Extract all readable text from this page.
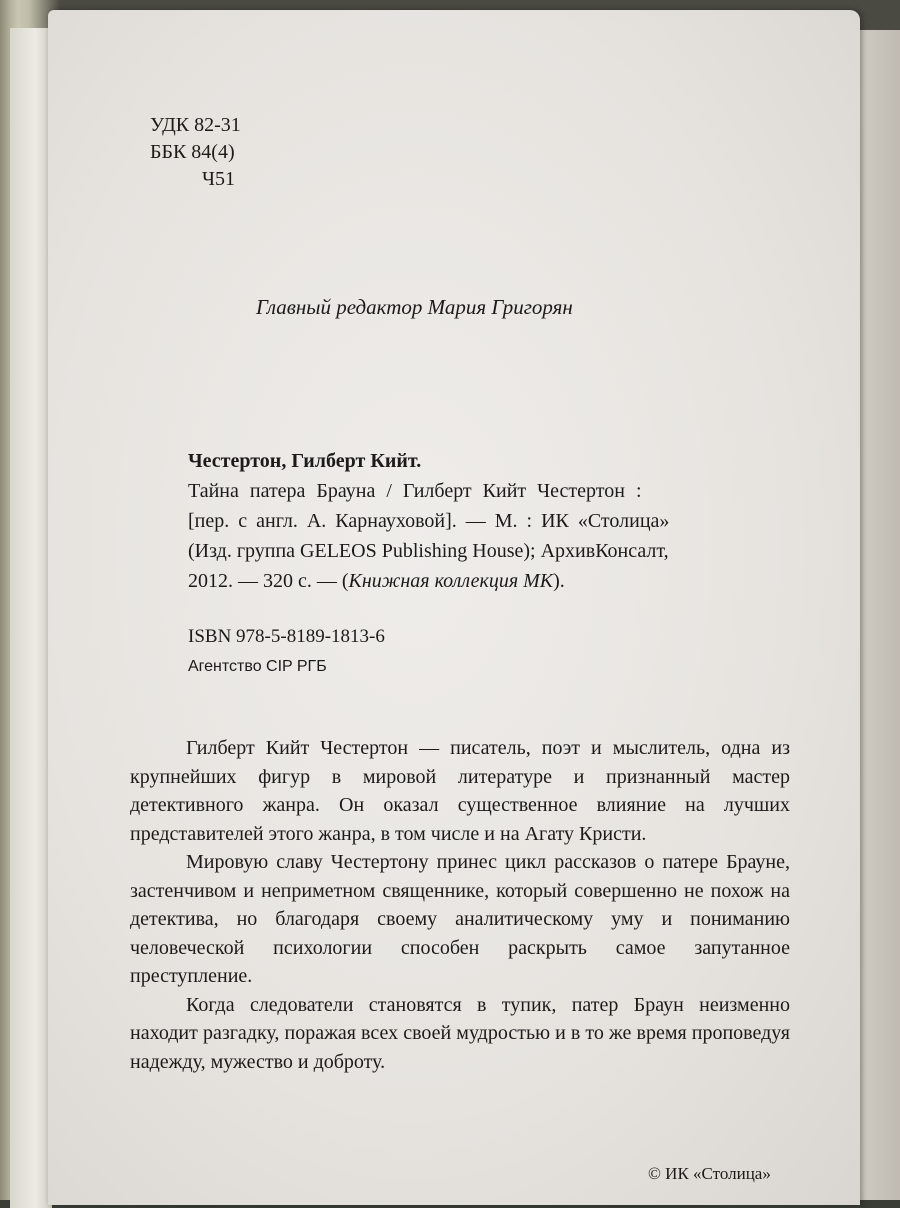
УДК 82-31
ББК 84(4)
Ч51
Главный редактор Мария Григорян
Честертон, Гилберт Кийт.
Тайна патера Брауна / Гилберт Кийт Честертон :
[пер. с англ. А. Карнауховой]. — М. : ИК «Столица»
(Изд. группа GELEOS Publishing House); АрхивКонсалт,
2012. — 320 с. — (Книжная коллекция МК).
ISBN 978-5-8189-1813-6
Агентство CIP РГБ

Гилберт Кийт Честертон — писатель, поэт и мыслитель, одна из крупнейших фигур в мировой литературе и признанный мастер детективного жанра. Он оказал существенное влияние на лучших представителей этого жанра, в том числе и на Агату Кристи.

Мировую славу Честертону принес цикл рассказов о патере Брауне, застенчивом и неприметном священнике, который совершенно не похож на детектива, но благодаря своему аналитическому уму и пониманию человеческой психологии способен раскрыть самое запутанное преступление.

Когда следователи становятся в тупик, патер Браун неизменно находит разгадку, поражая всех своей мудростью и в то же время проповедуя надежду, мужество и доброту.

© ИК «Столица»
